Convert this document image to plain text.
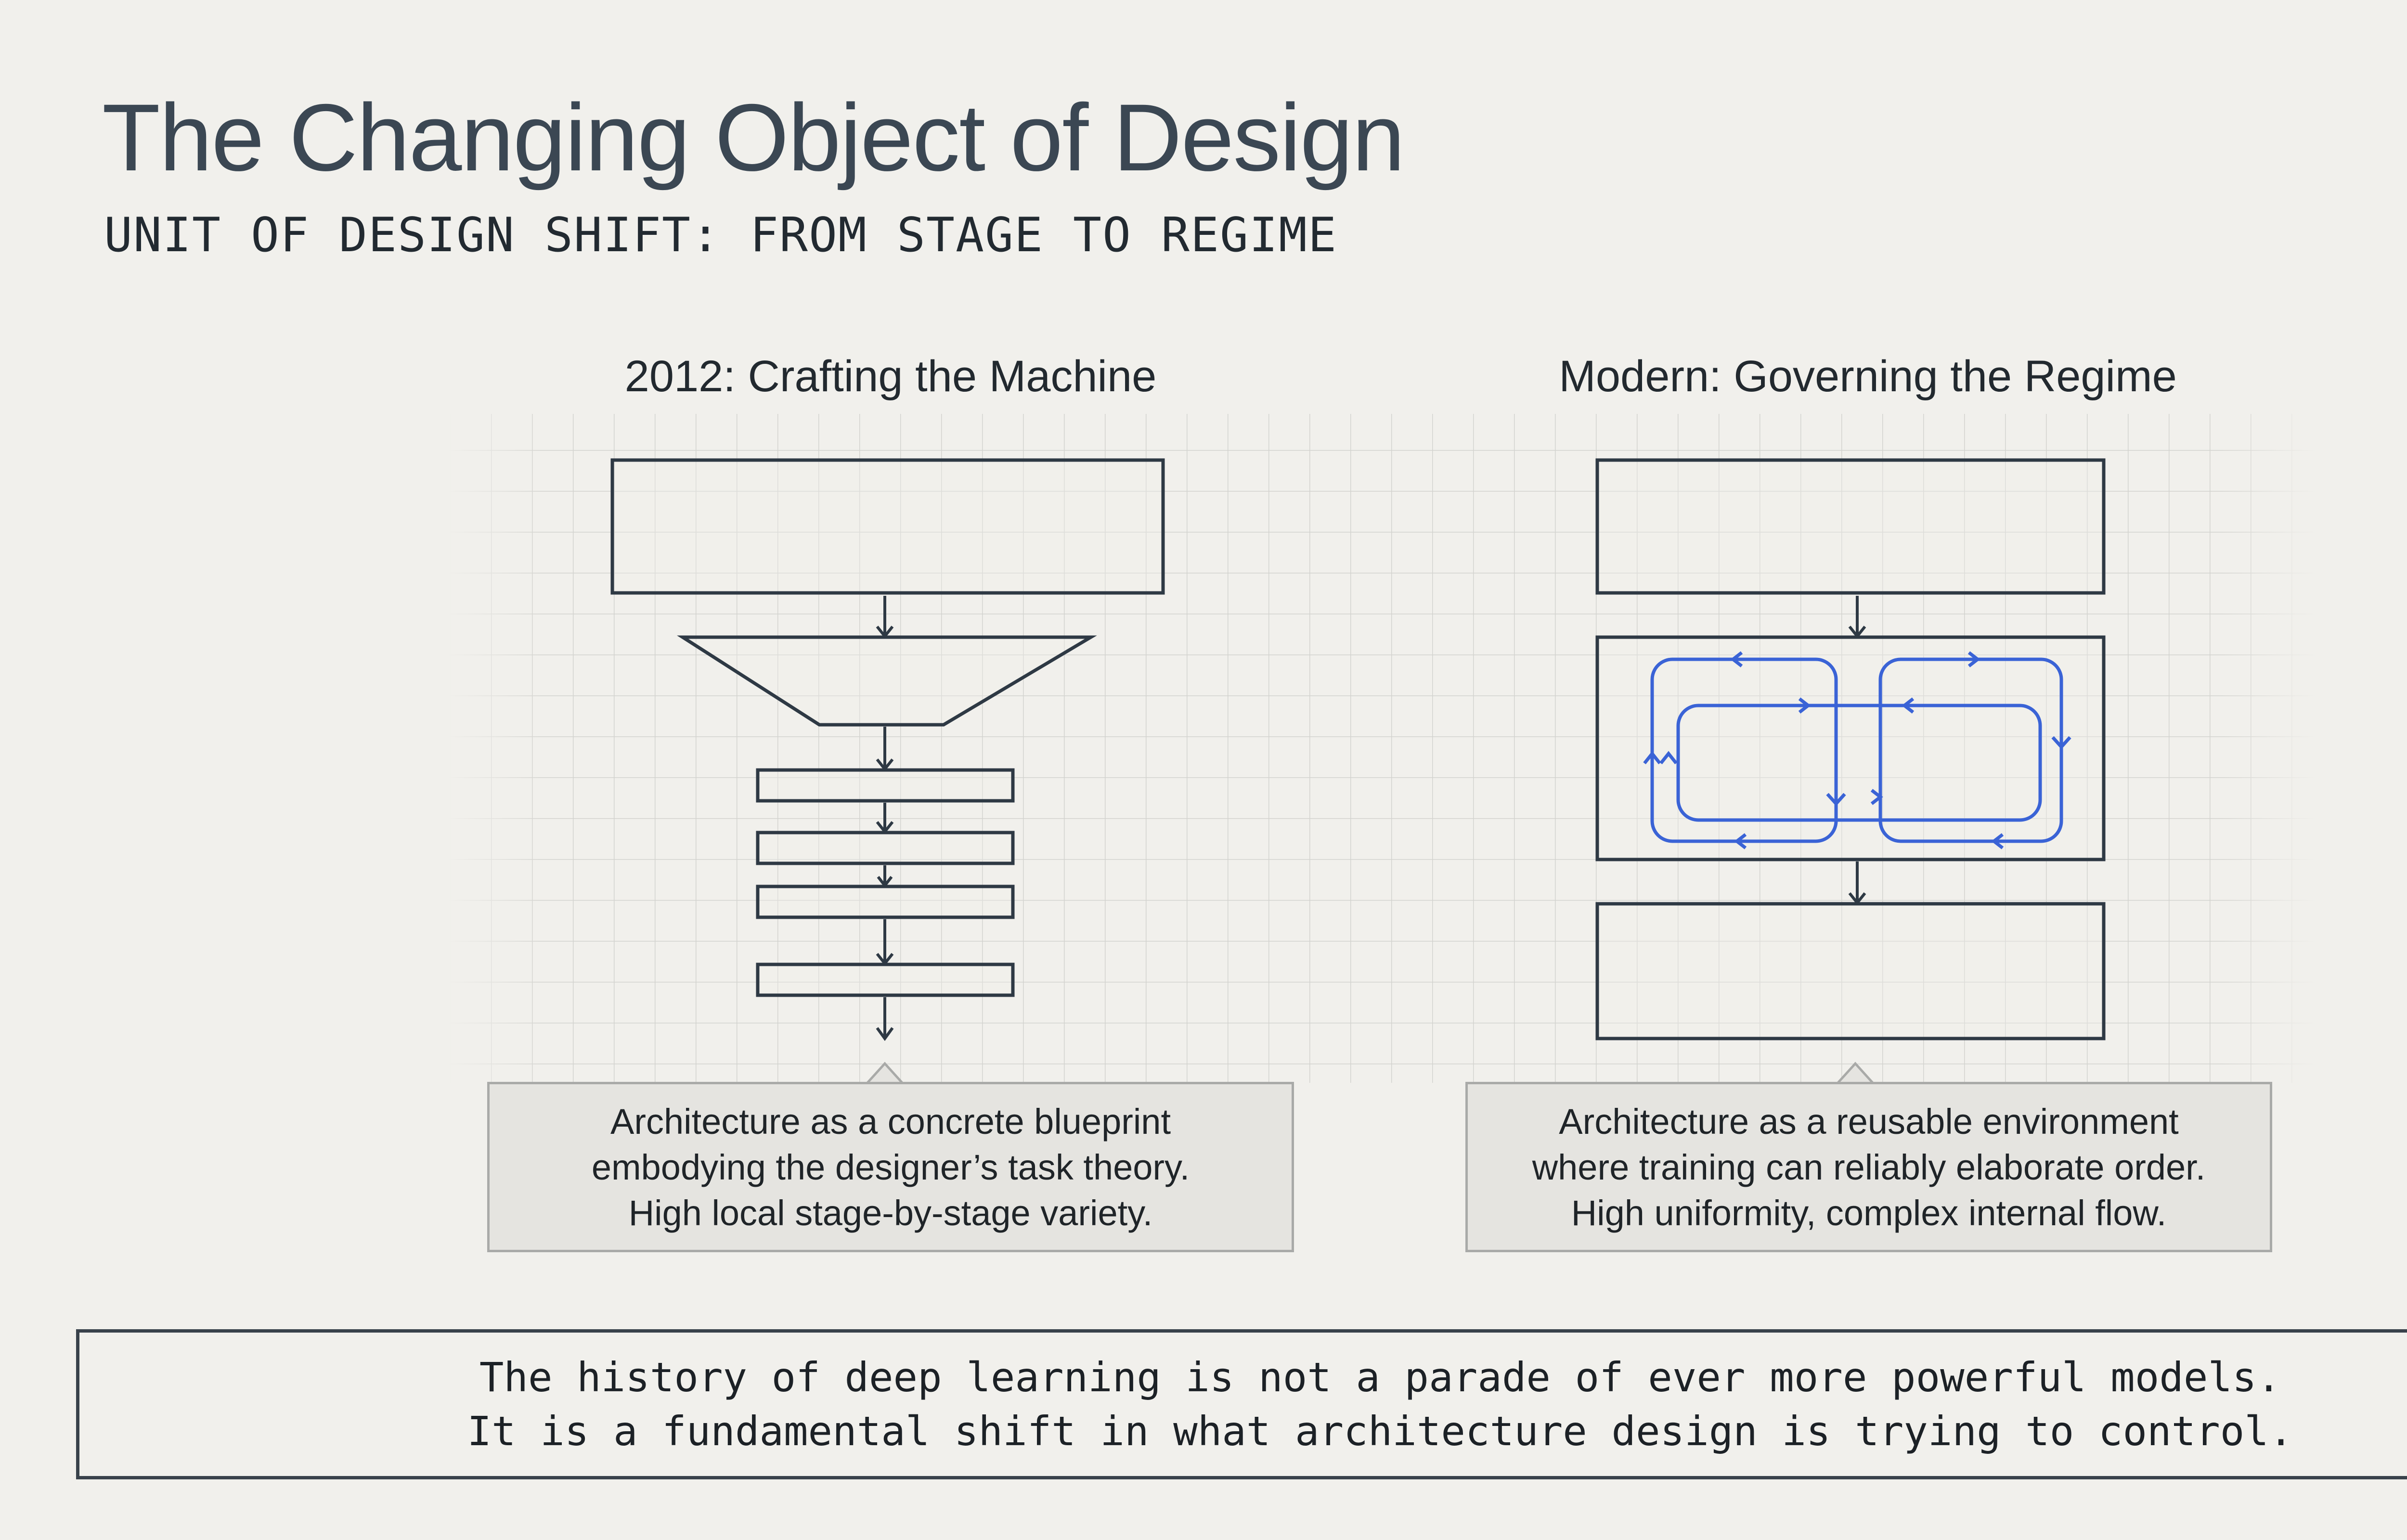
The Changing Object of Design
UNIT OF DESIGN SHIFT: FROM STAGE TO REGIME
2012: Crafting the Machine	Modern: Governing the Regime
Architecture as a concrete blueprint
embodying the designer’s task theory.
High local stage-by-stage variety.
Architecture as a reusable environment
where training can reliably elaborate order.
High uniformity, complex internal flow.
The history of deep learning is not a parade of ever more powerful models.
It is a fundamental shift in what architecture design is trying to control.
